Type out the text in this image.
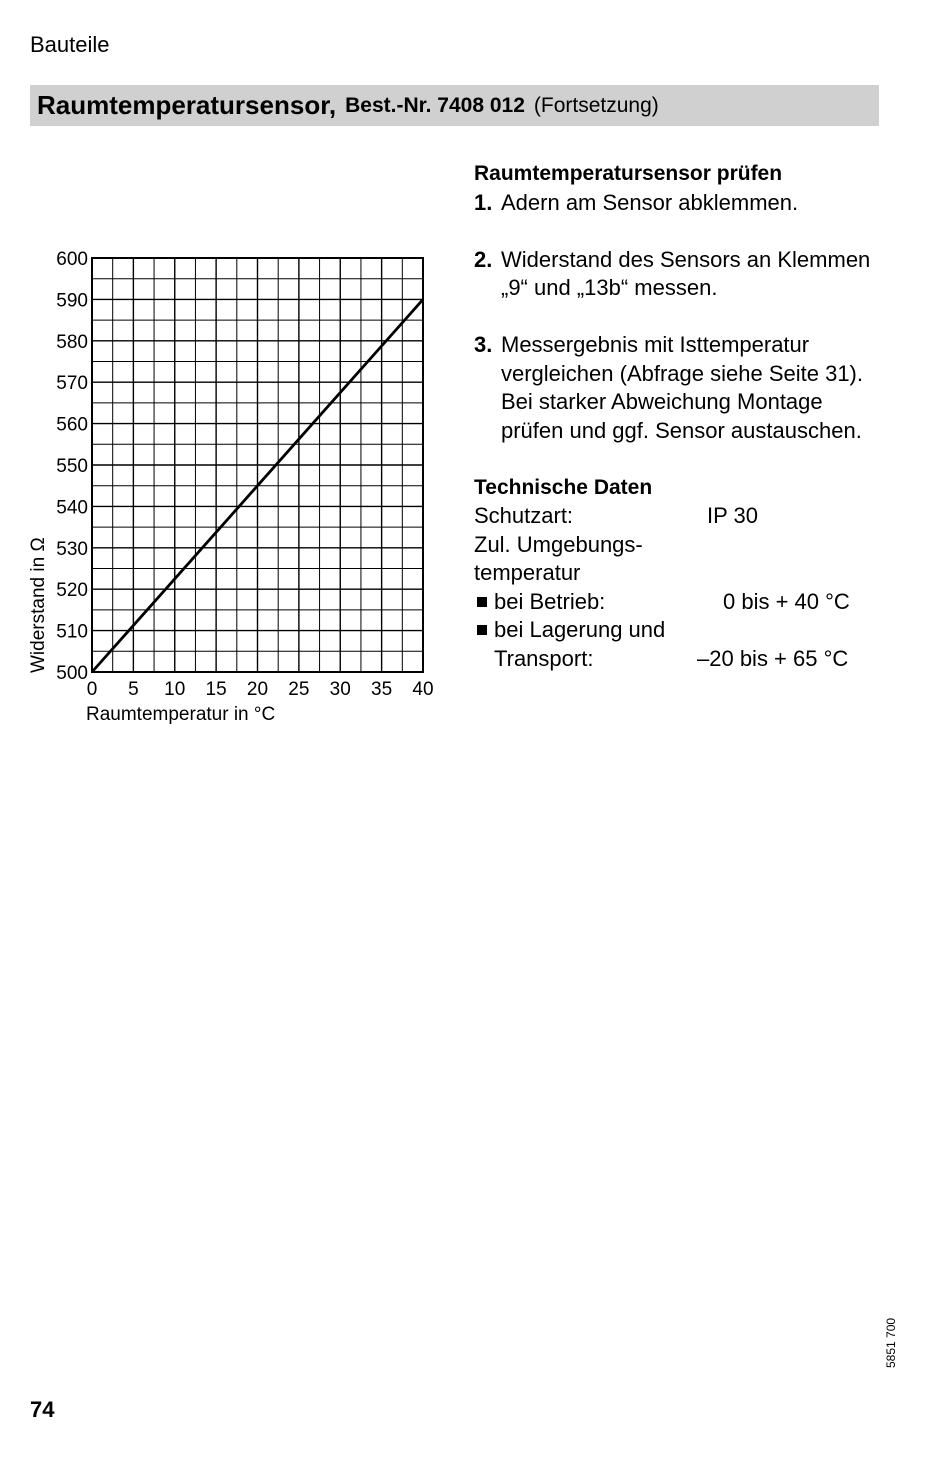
Bauteile
Raumtemperatursensor, Best.-Nr. 7408 012 (Fortsetzung)
500
510
520
530
540
550
560
570
580
590
600
0 5 10 15 20 25 30 35 40
Raumtemperatur in °C
Widerstand in Ω
Raumtemperatursensor prüfen
1. Adern am Sensor abklemmen.
2. Widerstand des Sensors an Klemmen „9“ und „13b“ messen.
3. Messergebnis mit Isttemperatur vergleichen (Abfrage siehe Seite 31).
Bei starker Abweichung Montage prüfen und ggf. Sensor austauschen.
Technische Daten
Schutzart:	IP 30
Zul. Umgebungs-
temperatur
bei Betrieb:	0 bis + 40 °C
bei Lagerung und
Transport:	–20 bis + 65 °C
5851 700
74
